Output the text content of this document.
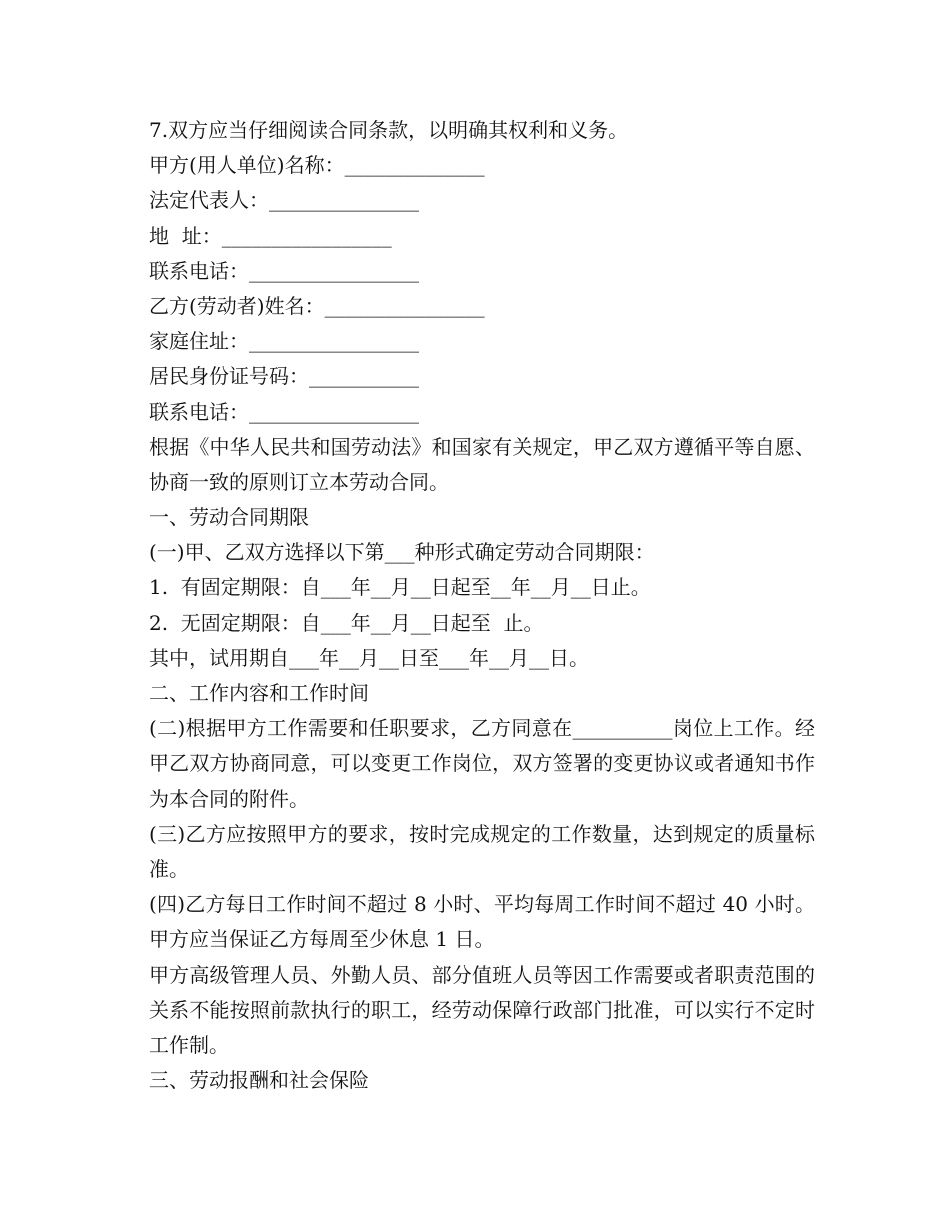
7.双方应当仔细阅读合同条款，以明确其权利和义务。
甲方(用人单位)名称：______________
法定代表人：_______________
地  址：_________________
联系电话：_________________
乙方(劳动者)姓名：________________
家庭住址：_________________
居民身份证号码：___________
联系电话：_________________
根据《中华人民共和国劳动法》和国家有关规定，甲乙双方遵循平等自愿、协商一致的原则订立本劳动合同。
一、劳动合同期限
(一)甲、乙双方选择以下第___种形式确定劳动合同期限：
1.  有固定期限：自___年__月__日起至__年__月__日止。
2.  无固定期限：自___年__月__日起至  止。
其中，试用期自___年__月__日至___年__月__日。
二、工作内容和工作时间
(二)根据甲方工作需要和任职要求，乙方同意在__________岗位上工作。经甲乙双方协商同意，可以变更工作岗位，双方签署的变更协议或者通知书作为本合同的附件。
(三)乙方应按照甲方的要求，按时完成规定的工作数量，达到规定的质量标准。
(四)乙方每日工作时间不超过 8 小时、平均每周工作时间不超过 40 小时。甲方应当保证乙方每周至少休息 1 日。
甲方高级管理人员、外勤人员、部分值班人员等因工作需要或者职责范围的关系不能按照前款执行的职工，经劳动保障行政部门批准，可以实行不定时工作制。
三、劳动报酬和社会保险
